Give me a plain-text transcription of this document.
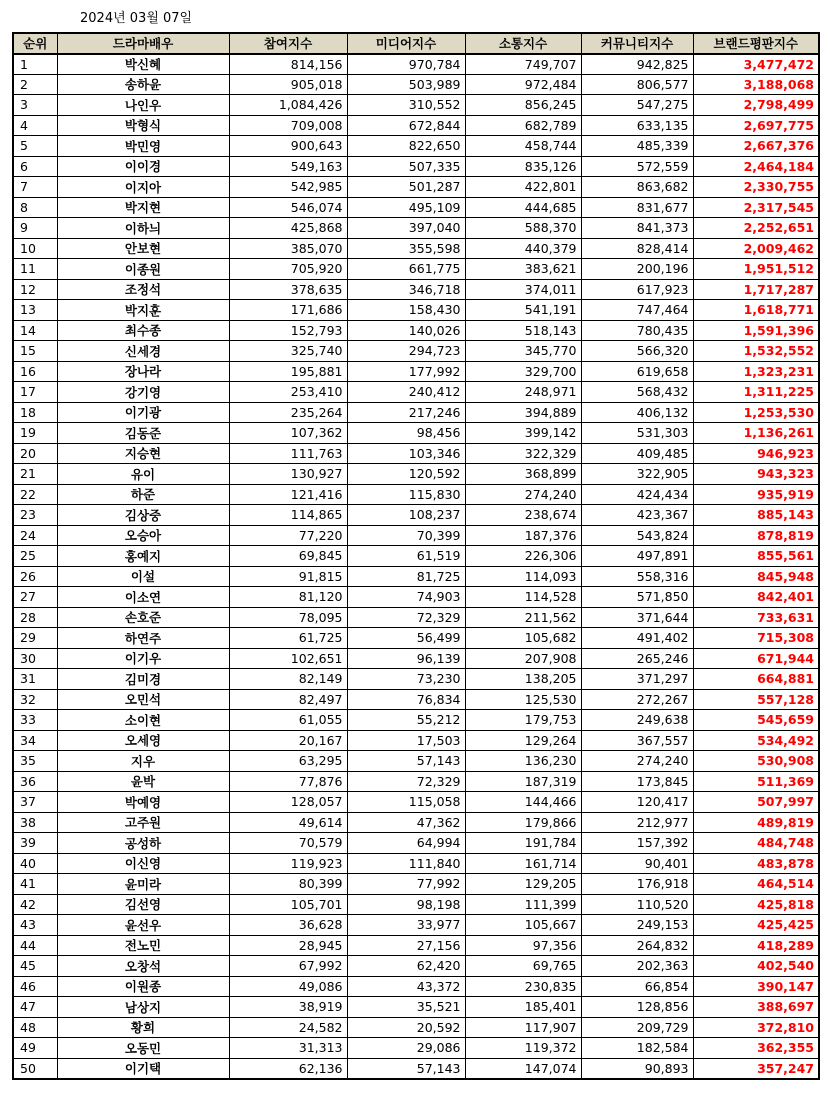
2024년 03월 07일
순위	드라마배우	참여지수	미디어지수	소통지수	커뮤니티지수	브랜드평판지수
1	박신혜	814,156	970,784	749,707	942,825	3,477,472
2	송하윤	905,018	503,989	972,484	806,577	3,188,068
3	나인우	1,084,426	310,552	856,245	547,275	2,798,499
4	박형식	709,008	672,844	682,789	633,135	2,697,775
5	박민영	900,643	822,650	458,744	485,339	2,667,376
6	이이경	549,163	507,335	835,126	572,559	2,464,184
7	이지아	542,985	501,287	422,801	863,682	2,330,755
8	박지현	546,074	495,109	444,685	831,677	2,317,545
9	이하늬	425,868	397,040	588,370	841,373	2,252,651
10	안보현	385,070	355,598	440,379	828,414	2,009,462
11	이종원	705,920	661,775	383,621	200,196	1,951,512
12	조정석	378,635	346,718	374,011	617,923	1,717,287
13	박지훈	171,686	158,430	541,191	747,464	1,618,771
14	최수종	152,793	140,026	518,143	780,435	1,591,396
15	신세경	325,740	294,723	345,770	566,320	1,532,552
16	장나라	195,881	177,992	329,700	619,658	1,323,231
17	강기영	253,410	240,412	248,971	568,432	1,311,225
18	이기광	235,264	217,246	394,889	406,132	1,253,530
19	김동준	107,362	98,456	399,142	531,303	1,136,261
20	지승현	111,763	103,346	322,329	409,485	946,923
21	유이	130,927	120,592	368,899	322,905	943,323
22	하준	121,416	115,830	274,240	424,434	935,919
23	김상중	114,865	108,237	238,674	423,367	885,143
24	오승아	77,220	70,399	187,376	543,824	878,819
25	홍예지	69,845	61,519	226,306	497,891	855,561
26	이설	91,815	81,725	114,093	558,316	845,948
27	이소연	81,120	74,903	114,528	571,850	842,401
28	손호준	78,095	72,329	211,562	371,644	733,631
29	하연주	61,725	56,499	105,682	491,402	715,308
30	이기우	102,651	96,139	207,908	265,246	671,944
31	김미경	82,149	73,230	138,205	371,297	664,881
32	오민석	82,497	76,834	125,530	272,267	557,128
33	소이현	61,055	55,212	179,753	249,638	545,659
34	오세영	20,167	17,503	129,264	367,557	534,492
35	지우	63,295	57,143	136,230	274,240	530,908
36	윤박	77,876	72,329	187,319	173,845	511,369
37	박예영	128,057	115,058	144,466	120,417	507,997
38	고주원	49,614	47,362	179,866	212,977	489,819
39	공성하	70,579	64,994	191,784	157,392	484,748
40	이신영	119,923	111,840	161,714	90,401	483,878
41	윤미라	80,399	77,992	129,205	176,918	464,514
42	김선영	105,701	98,198	111,399	110,520	425,818
43	윤선우	36,628	33,977	105,667	249,153	425,425
44	전노민	28,945	27,156	97,356	264,832	418,289
45	오창석	67,992	62,420	69,765	202,363	402,540
46	이원종	49,086	43,372	230,835	66,854	390,147
47	남상지	38,919	35,521	185,401	128,856	388,697
48	황희	24,582	20,592	117,907	209,729	372,810
49	오동민	31,313	29,086	119,372	182,584	362,355
50	이기택	62,136	57,143	147,074	90,893	357,247
